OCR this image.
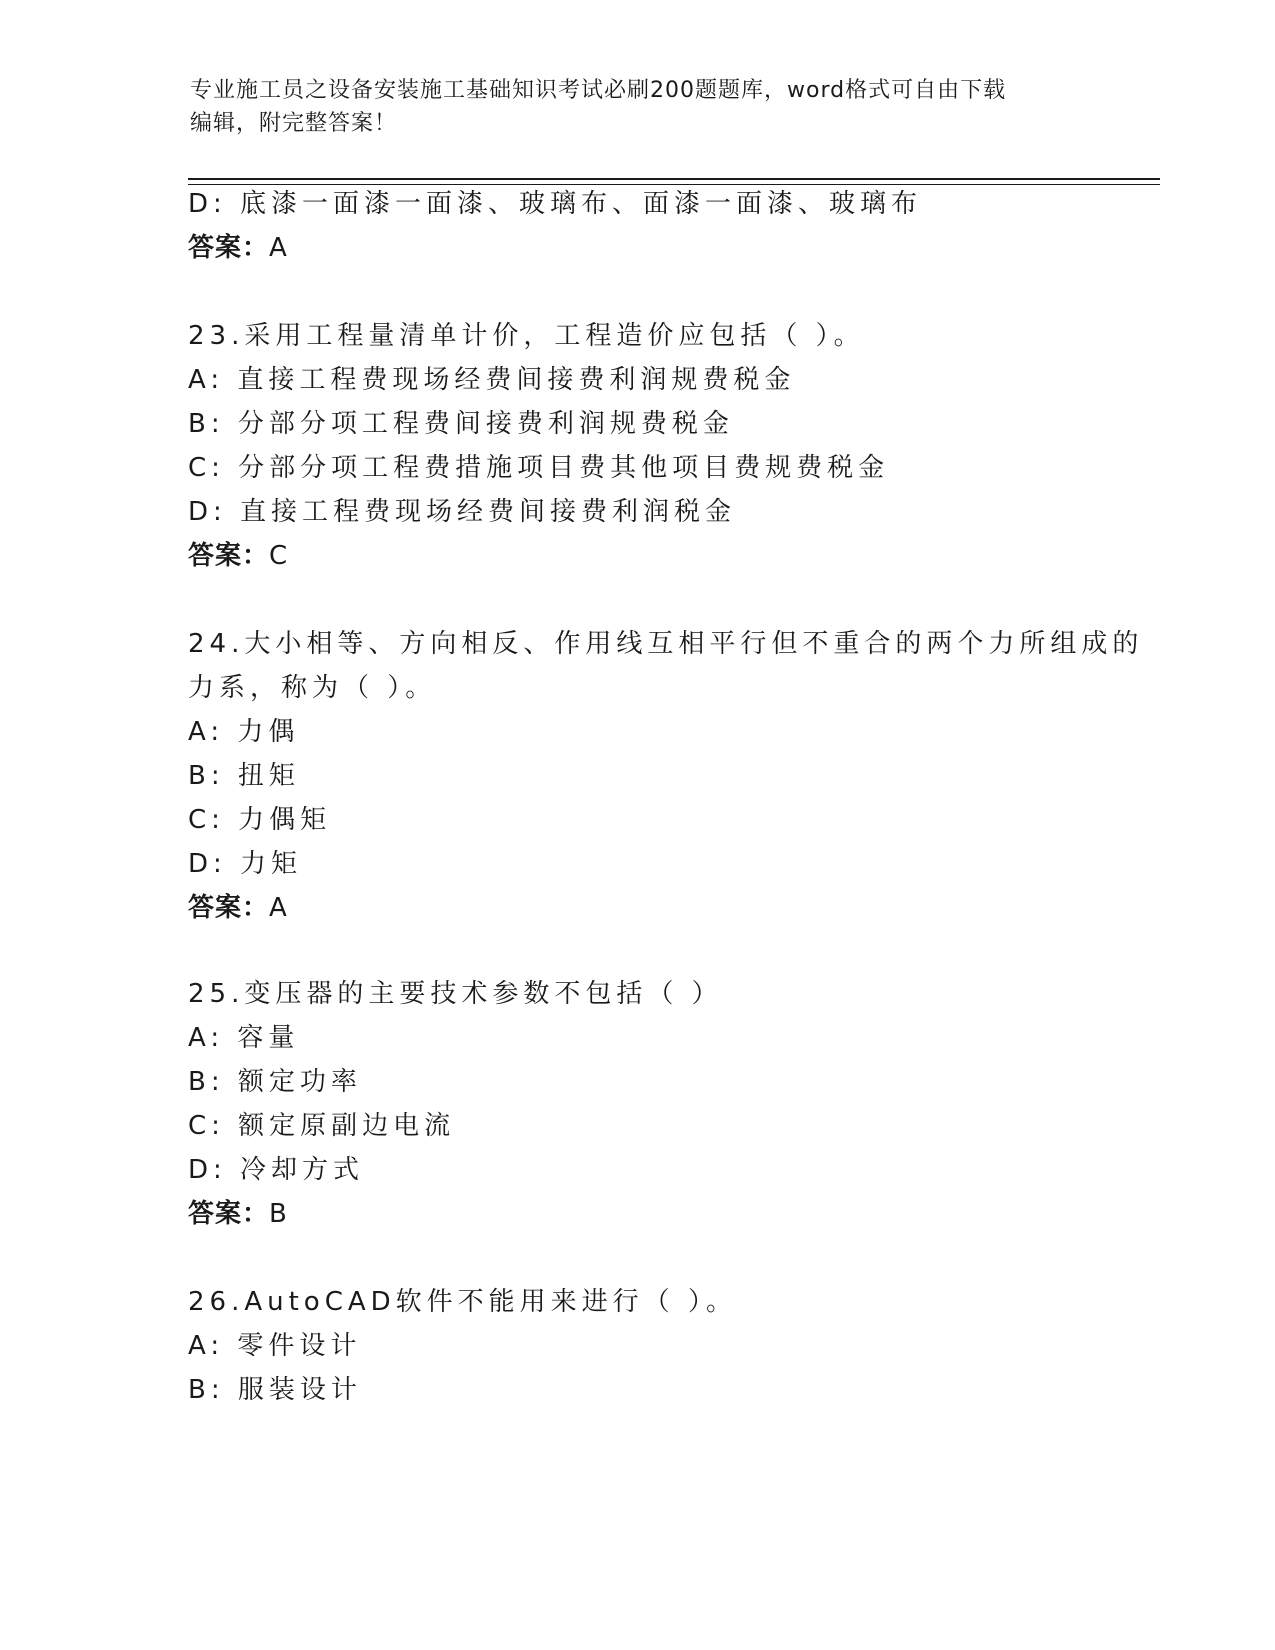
专业施工员之设备安装施工基础知识考试必刷200题题库，word格式可自由下载
编辑，附完整答案！
D: 底漆一面漆一面漆、玻璃布、面漆一面漆、玻璃布
答案：A
23.采用工程量清单计价，工程造价应包括（ ）。
A: 直接工程费现场经费间接费利润规费税金
B: 分部分项工程费间接费利润规费税金
C: 分部分项工程费措施项目费其他项目费规费税金
D: 直接工程费现场经费间接费利润税金
答案：C
24.大小相等、方向相反、作用线互相平行但不重合的两个力所组成的
力系，称为（ ）。
A: 力偶
B: 扭矩
C: 力偶矩
D: 力矩
答案：A
25.变压器的主要技术参数不包括（ ）
A: 容量
B: 额定功率
C: 额定原副边电流
D: 冷却方式
答案：B
26.AutoCAD软件不能用来进行（ ）。
A: 零件设计
B: 服装设计
